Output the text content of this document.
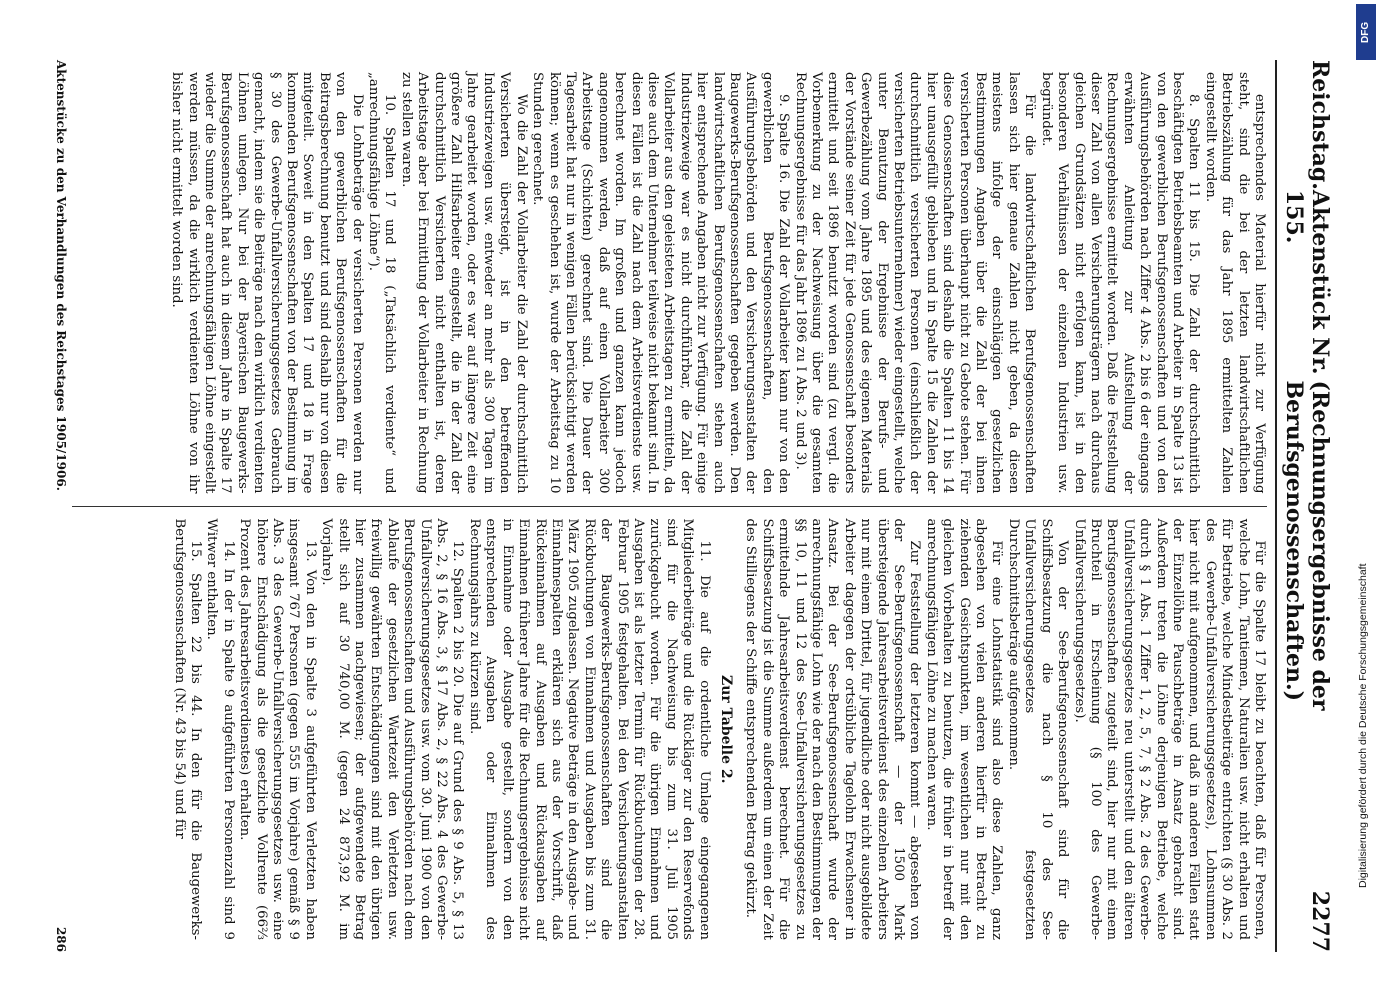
Reichstag.
Aktenstück Nr. 155.
(Rechnungsergebnisse der Berufsgenossenschaften.)
2277

entsprechendes Material hierfür nicht zur Verfügung steht, sind die bei der letzten landwirtschaftlichen Betriebszählung für das Jahr 1895 ermittelten Zahlen eingestellt worden.

8. Spalten 11 bis 15. Die Zahl der durchschnittlich beschäftigten Betriebsbeamten und Arbeiter in Spalte 13 ist von den gewerblichen Berufsgenossenschaften und von den Ausführungsbehörden nach Ziffer 4 Abs. 2 bis 6 der eingangs erwähnten Anleitung zur Aufstellung der Rechnungsergebnisse ermittelt worden. Daß die Feststellung dieser Zahl von allen Versicherungsträgern nach durchaus gleichen Grundsätzen nicht erfolgen kann, ist in den besonderen Verhältnissen der einzelnen Industrien usw. begründet.

Für die landwirtschaftlichen Berufsgenossenschaften lassen sich hier genaue Zahlen nicht geben, da diesen meistens infolge der einschlägigen gesetzlichen Bestimmungen Angaben über die Zahl der bei ihnen versicherten Personen überhaupt nicht zu Gebote stehen. Für diese Genossenschaften sind deshalb die Spalten 11 bis 14 hier unausgefüllt geblieben und in Spalte 15 die Zahlen der durchschnittlich versicherten Personen (einschließlich der versicherten Betriebsunternehmer) wieder eingestellt, welche unter Benutzung der Ergebnisse der Berufs- und Gewerbezählung vom Jahre 1895 und des eigenen Materials der Vorstände seiner Zeit für jede Genossenschaft besonders ermittelt und seit 1896 benutzt worden sind (zu vergl. die Vorbemerkung zu der Nachweisung über die gesamten Rechnungsergebnisse für das Jahr 1896 zu I Abs. 2 und 3).

9. Spalte 16. Die Zahl der Vollarbeiter kann nur von den gewerblichen Berufsgenossenschaften, den Ausführungsbehörden und den Versicherungsanstalten der Baugewerks-Berufsgenossenschaften gegeben werden. Den landwirtschaftlichen Berufsgenossenschaften stehen auch hier entsprechende Angaben nicht zur Verfügung. Für einige Industriezweige war es nicht durchführbar, die Zahl der Vollarbeiter aus den geleisteten Arbeitstagen zu ermitteln, da diese auch dem Unternehmer teilweise nicht bekannt sind. In diesen Fällen ist die Zahl nach dem Arbeitsverdienste usw. berechnet worden. Im großen und ganzen kann jedoch angenommen werden, daß auf einen Vollarbeiter 300 Arbeitstage (Schichten) gerechnet sind. Die Dauer der Tagesarbeit hat nur in wenigen Fällen berücksichtigt werden können; wenn es geschehen ist, wurde der Arbeitstag zu 10 Stunden gerechnet.

Wo die Zahl der Vollarbeiter die Zahl der durchschnittlich Versicherten übersteigt, ist in den betreffenden Industriezweigen usw. entweder an mehr als 300 Tagen im Jahre gearbeitet worden, oder es war auf längere Zeit eine größere Zahl Hilfsarbeiter eingestellt, die in der Zahl der durchschnittlich Versicherten nicht enthalten ist, deren Arbeitstage aber bei Ermittlung der Vollarbeiter in Rechnung zu stellen waren.

10. Spalten 17 und 18 („Tatsächlich verdiente“ und „anrechnungsfähige Löhne“).

Die Lohnbeträge der versicherten Personen werden nur von den gewerblichen Berufsgenossenschaften für die Beitragsberechnung benutzt und sind deshalb nur von diesen mitgeteilt. Soweit in den Spalten 17 und 18 in Frage kommenden Berufsgenossenschaften von der Bestimmung im § 30 des Gewerbe-Unfallversicherungsgesetzes Gebrauch gemacht, indem sie die Beiträge nach den wirklich verdienten Löhnen umlegen. Nur bei der Bayerischen Baugewerks-Berufsgenossenschaft hat auch in diesem Jahre in Spalte 17 wieder die Summe der anrechnungsfähigen Löhne eingestellt werden müssen, da die wirklich verdienten Löhne von ihr bisher nicht ermittelt worden sind.

Für die Spalte 17 bleibt zu beachten, daß für Personen, welche Lohn, Tantiemen, Naturalien usw. nicht erhalten und für Betriebe, welche Mindestbeiträge entrichten (§ 30 Abs. 2 des Gewerbe-Unfallversicherungsgesetzes), Lohnsummen hier nicht mit aufgenommen, und daß in anderen Fällen statt der Einzellöhne Pauschbeträge in Ansatz gebracht sind. Außerdem treten die Löhne derjenigen Betriebe, welche durch § 1 Abs. 1 Ziffer 1, 2, 5, 7, § 2 Abs. 2 des Gewerbe-Unfallversicherungsgesetzes neu unterstellt und den älteren Berufsgenossenschaften zugeteilt sind, hier nur mit einem Bruchteil in Erscheinung (§ 100 des Gewerbe-Unfallversicherungsgesetzes).

Von der See-Berufsgenossenschaft sind für die Schiffsbesatzung die nach § 10 des See-Unfallversicherungsgesetzes festgesetzten Durchschnittsbeträge aufgenommen.

Für eine Lohnstatistik sind also diese Zahlen, ganz abgesehen von vielen anderen hierfür in Betracht zu ziehenden Gesichtspunkten, im wesentlichen nur mit den gleichen Vorbehalten zu benutzen, die früher in betreff der anrechnungsfähigen Löhne zu machen waren.

Zur Feststellung der letzteren kommt — abgesehen von der See-Berufsgenossenschaft — der 1500 Mark übersteigende Jahresarbeitsverdienst des einzelnen Arbeiters nur mit einem Drittel, für jugendliche oder nicht ausgebildete Arbeiter dagegen der ortsübliche Tagelohn Erwachsener in Ansatz. Bei der See-Berufsgenossenschaft wurde der anrechnungsfähige Lohn wie der nach den Bestimmungen der §§ 10, 11 und 12 des See-Unfallversicherungsgesetzes zu ermittelnde Jahresarbeitsverdienst berechnet. Für die Schiffsbesatzung ist die Summe außerdem um einen der Zeit des Stilliegens der Schiffe entsprechenden Betrag gekürzt.

Zur Tabelle 2.

11. Die auf die ordentliche Umlage eingegangenen Mitgliederbeiträge und die Rückläger zur den Reservefonds sind für die Nachweisung bis zum 31. Juli 1905 zurückgebucht worden. Für die übrigen Einnahmen und Ausgaben ist als letzter Termin für Rückbuchungen der 28. Februar 1905 festgehalten. Bei den Versicherungsanstalten der Baugewerks-Berufsgenossenschaften sind die Rückbuchungen von Einnahmen und Ausgaben bis zum 31. März 1905 zugelassen. Negative Beträge in den Ausgabe- und Einnahmespalten erklären sich aus der Vorschrift, daß Rückeinnahmen auf Ausgaben und Rückausgaben auf Einnahmen früherer Jahre für die Rechnungsergebnisse nicht in Einnahme oder Ausgabe gestellt, sondern von den entsprechenden Ausgaben oder Einnahmen des Rechnungsjahrs zu kürzen sind.

12. Spalten 2 bis 20. Die auf Grund des § 9 Abs. 5, § 13 Abs. 2, § 16 Abs. 3, § 17 Abs. 2, § 22 Abs. 4 des Gewerbe-Unfallversicherungsgesetzes usw. vom 30. Juni 1900 von den Berufsgenossenschaften und Ausführungsbehörden nach dem Ablaufe der gesetzlichen Wartezeit den Verletzten usw. freiwillig gewährten Entschädigungen sind mit den übrigen hier zusammen nachgewiesen; der aufgewendete Betrag stellt sich auf 30 740,00 M. (gegen 24 873,92 M. im Vorjahre).

13. Von den in Spalte 3 aufgeführten Verletzten haben insgesamt 767 Personen (gegen 555 im Vorjahre) gemäß § 9 Abs. 3 des Gewerbe-Unfallversicherungsgesetzes usw. eine höhere Entschädigung als die gesetzliche Vollrente (66⅔ Prozent des Jahresarbeitsverdienstes) erhalten.

14. In der in Spalte 9 aufgeführten Personenzahl sind 9 Witwer enthalten.

15. Spalten 22 bis 44. In den für die Baugewerks-Berufsgenossenschaften (Nr. 43 bis 54) und für

Aktenstücke zu den Verhandlungen des Reichstages 1905/1906.
286
DFG
Digitalisierung gefördert durch die Deutsche Forschungsgemeinschaft
